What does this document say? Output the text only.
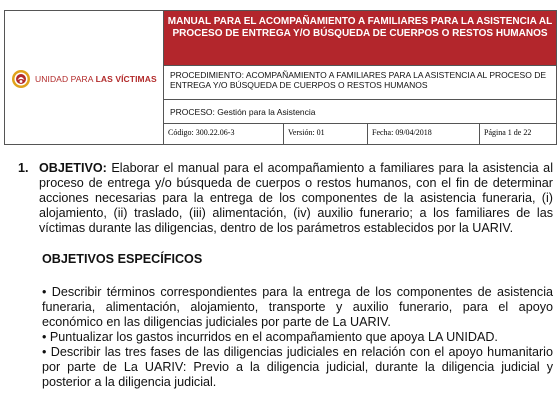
UNIDAD PARA LAS VÍCTIMAS
MANUAL PARA EL ACOMPAÑAMIENTO A FAMILIARES PARA LA ASISTENCIA AL PROCESO DE ENTREGA Y/O BÚSQUEDA DE CUERPOS O RESTOS HUMANOS
PROCEDIMIENTO: ACOMPAÑAMIENTO A FAMILIARES PARA LA ASISTENCIA AL PROCESO DE ENTREGA Y/O BÚSQUEDA DE CUERPOS O RESTOS HUMANOS
PROCESO: Gestión para la Asistencia
Código: 300.22.06-3	Versión: 01	Fecha: 09/04/2018	Página 1 de 22
1. OBJETIVO: Elaborar el manual para el acompañamiento a familiares para la asistencia al proceso de entrega y/o búsqueda de cuerpos o restos humanos, con el fin de determinar acciones necesarias para la entrega de los componentes de la asistencia funeraria, (i) alojamiento, (ii) traslado, (iii) alimentación, (iv) auxilio funerario; a los familiares de las víctimas durante las diligencias, dentro de los parámetros establecidos por la UARIV.
OBJETIVOS ESPECÍFICOS

• Describir términos correspondientes para la entrega de los componentes de asistencia funeraria, alimentación, alojamiento, transporte y auxilio funerario, para el apoyo económico en las diligencias judiciales por parte de La UARIV.

• Puntualizar los gastos incurridos en el acompañamiento que apoya LA UNIDAD.

• Describir las tres fases de las diligencias judiciales en relación con el apoyo humanitario por parte de La UARIV: Previo a la diligencia judicial, durante la diligencia judicial y posterior a la diligencia judicial.
